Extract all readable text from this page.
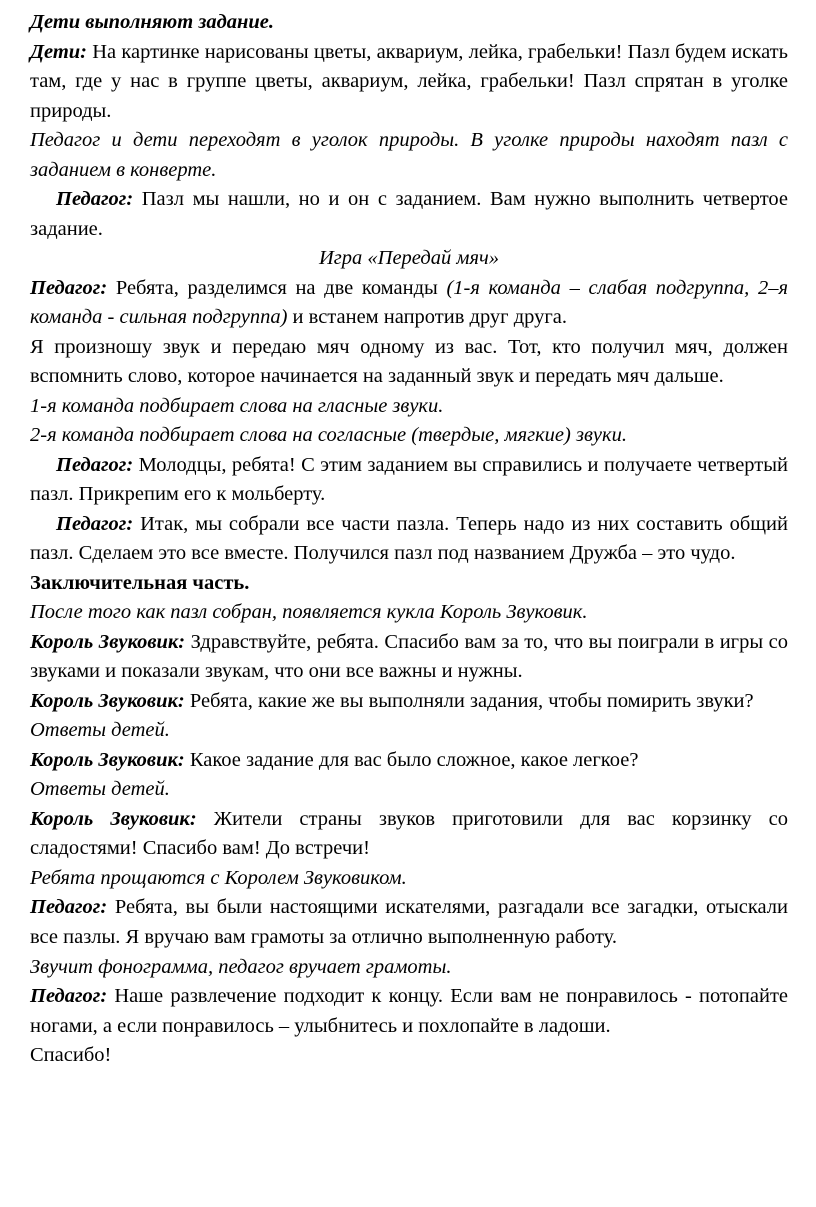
Дети выполняют задание.

Дети: На картинке нарисованы цветы, аквариум, лейка, грабельки! Пазл будем искать там, где у нас в группе цветы, аквариум, лейка, грабельки! Пазл спрятан в уголке природы.

Педагог и дети переходят в уголок природы. В уголке природы находят пазл с заданием в конверте.

Педагог: Пазл мы нашли, но и он с заданием. Вам нужно выполнить четвертое задание.

Игра «Передай мяч»

Педагог: Ребята, разделимся на две команды (1-я команда – слабая подгруппа, 2–я команда - сильная подгруппа) и встанем напротив друг друга.

Я произношу звук и передаю мяч одному из вас. Тот, кто получил мяч, должен вспомнить слово, которое начинается на заданный звук и передать мяч дальше.

1-я команда подбирает слова на гласные звуки.

2-я команда подбирает слова на согласные (твердые, мягкие) звуки.

Педагог: Молодцы, ребята! С этим заданием вы справились и получаете четвертый пазл. Прикрепим его к мольберту.

Педагог: Итак, мы собрали все части пазла. Теперь надо из них составить общий пазл. Сделаем это все вместе. Получился пазл под названием Дружба – это чудо.

Заключительная часть.

После того как пазл собран, появляется кукла Король Звуковик.

Король Звуковик: Здравствуйте, ребята. Спасибо вам за то, что вы поиграли в игры со звуками и показали звукам, что они все важны и нужны.

Король Звуковик: Ребята, какие же вы выполняли задания, чтобы помирить звуки?

Ответы детей.

Король Звуковик: Какое задание для вас было сложное, какое легкое?

Ответы детей.

Король Звуковик: Жители страны звуков приготовили для вас корзинку со сладостями! Спасибо вам! До встречи!

Ребята прощаются с Королем Звуковиком.

Педагог: Ребята, вы были настоящими искателями, разгадали все загадки, отыскали все пазлы. Я вручаю вам грамоты за отлично выполненную работу.

Звучит фонограмма, педагог вручает грамоты.

Педагог: Наше развлечение подходит к концу. Если вам не понравилось - потопайте ногами, а если понравилось – улыбнитесь и похлопайте в ладоши.

Спасибо!
